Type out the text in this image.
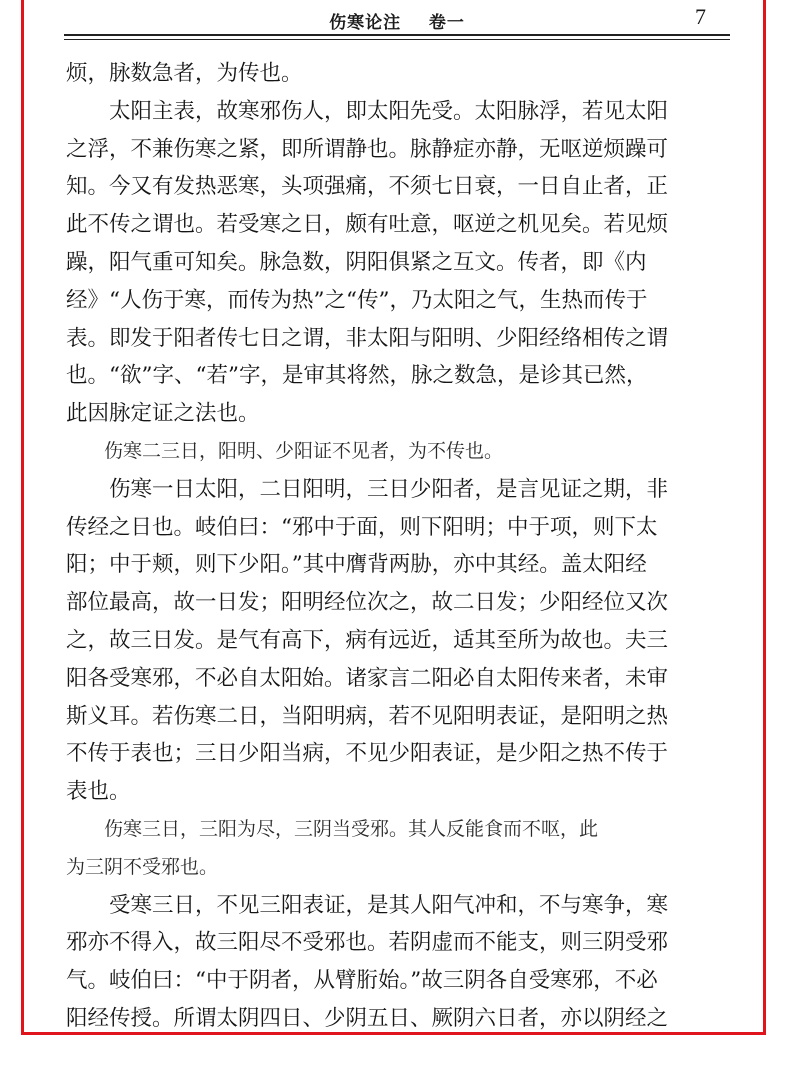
伤寒论注    卷一	7
烦，脉数急者，为传也。
　　太阳主表，故寒邪伤人，即太阳先受。太阳脉浮，若见太阳
之浮，不兼伤寒之紧，即所谓静也。脉静症亦静，无呕逆烦躁可
知。今又有发热恶寒，头项强痛，不须七日衰，一日自止者，正
此不传之谓也。若受寒之日，颇有吐意，呕逆之机见矣。若见烦
躁，阳气重可知矣。脉急数，阴阳俱紧之互文。传者，即《内
经》“人伤于寒，而传为热”之“传”，乃太阳之气，生热而传于
表。即发于阳者传七日之谓，非太阳与阳明、少阳经络相传之谓
也。“欲”字、“若”字，是审其将然，脉之数急，是诊其已然，
此因脉定证之法也。
　　伤寒二三日，阳明、少阳证不见者，为不传也。
　　伤寒一日太阳，二日阳明，三日少阳者，是言见证之期，非
传经之日也。岐伯曰：“邪中于面，则下阳明；中于项，则下太
阳；中于颊，则下少阳。”其中膺背两胁，亦中其经。盖太阳经
部位最高，故一日发；阳明经位次之，故二日发；少阳经位又次
之，故三日发。是气有高下，病有远近，适其至所为故也。夫三
阳各受寒邪，不必自太阳始。诸家言二阳必自太阳传来者，未审
斯义耳。若伤寒二日，当阳明病，若不见阳明表证，是阳明之热
不传于表也；三日少阳当病，不见少阳表证，是少阳之热不传于
表也。
　　伤寒三日，三阳为尽，三阴当受邪。其人反能食而不呕，此
为三阴不受邪也。
　　受寒三日，不见三阳表证，是其人阳气冲和，不与寒争，寒
邪亦不得入，故三阳尽不受邪也。若阴虚而不能支，则三阴受邪
气。岐伯曰：“中于阴者，从臂胻始。”故三阴各自受寒邪，不必
阳经传授。所谓太阴四日、少阴五日、厥阴六日者，亦以阴经之
